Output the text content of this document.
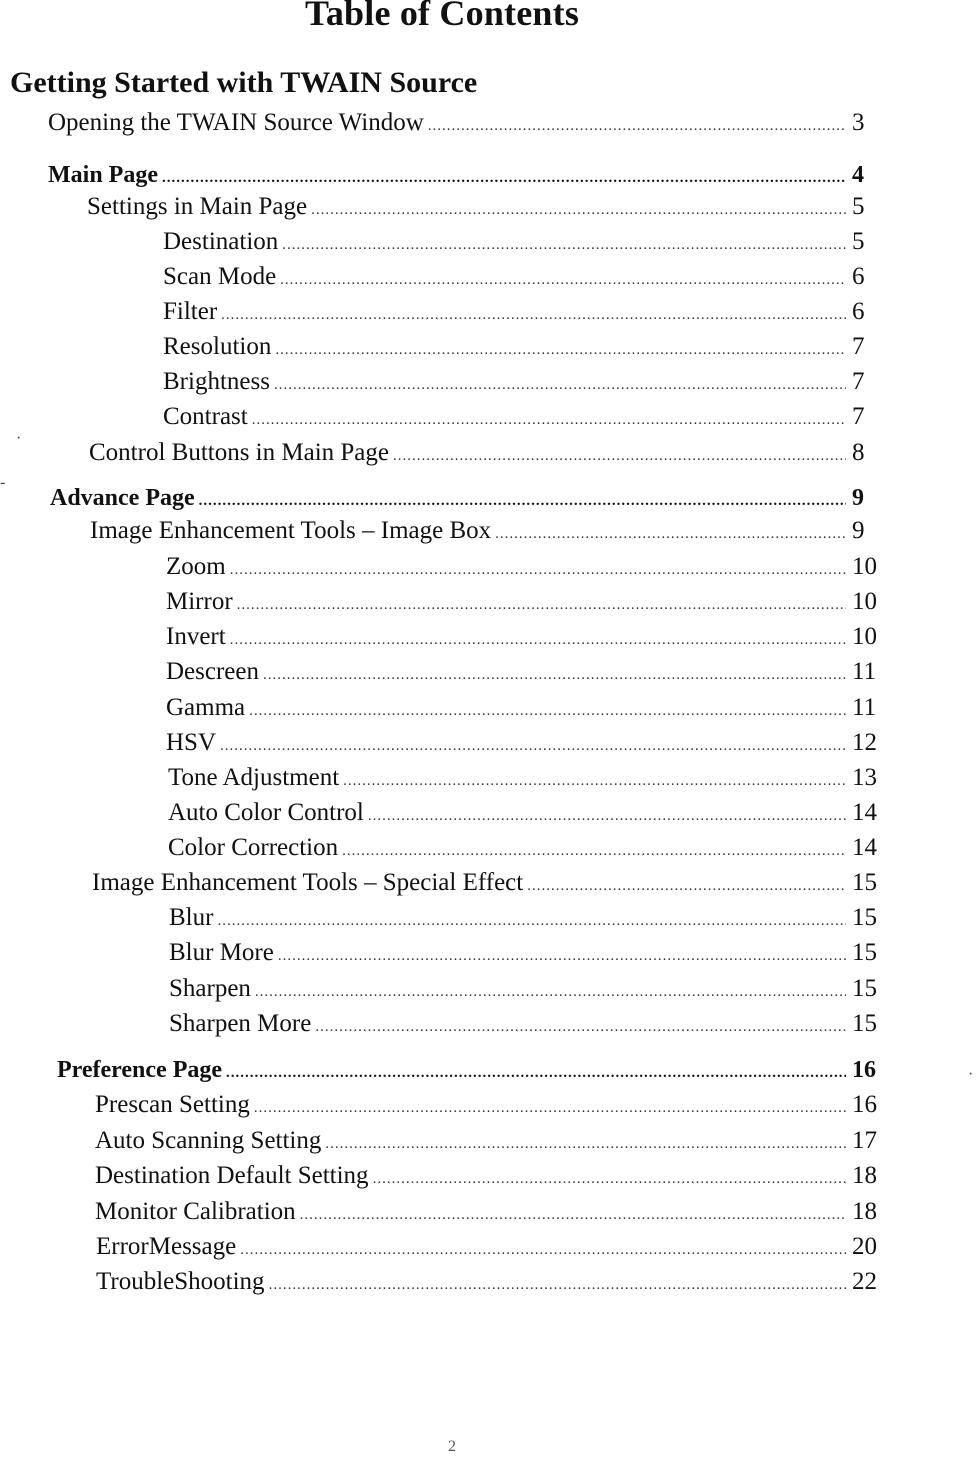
Table of Contents
Getting Started with TWAIN Source
Opening the TWAIN Source Window .....	3
Main Page .....	4
Settings in Main Page .....	5
Destination .....	5
Scan Mode .....	6
Filter .....	6
Resolution .....	7
Brightness .....	7
Contrast .....	7
Control Buttons in Main Page .....	8
Advance Page .....	9
Image Enhancement Tools – Image Box .....	9
Zoom .....	10
Mirror .....	10
Invert .....	10
Descreen .....	11
Gamma .....	11
HSV .....	12
Tone Adjustment .....	13
Auto Color Control .....	14
Color Correction .....	14
Image Enhancement Tools – Special Effect .....	15
Blur .....	15
Blur More .....	15
Sharpen .....	15
Sharpen More .....	15
Preference Page .....	16
Prescan Setting .....	16
Auto Scanning Setting .....	17
Destination Default Setting .....	18
Monitor Calibration .....	18
ErrorMessage .....	20
TroubleShooting .....	22
·
-
·
2
